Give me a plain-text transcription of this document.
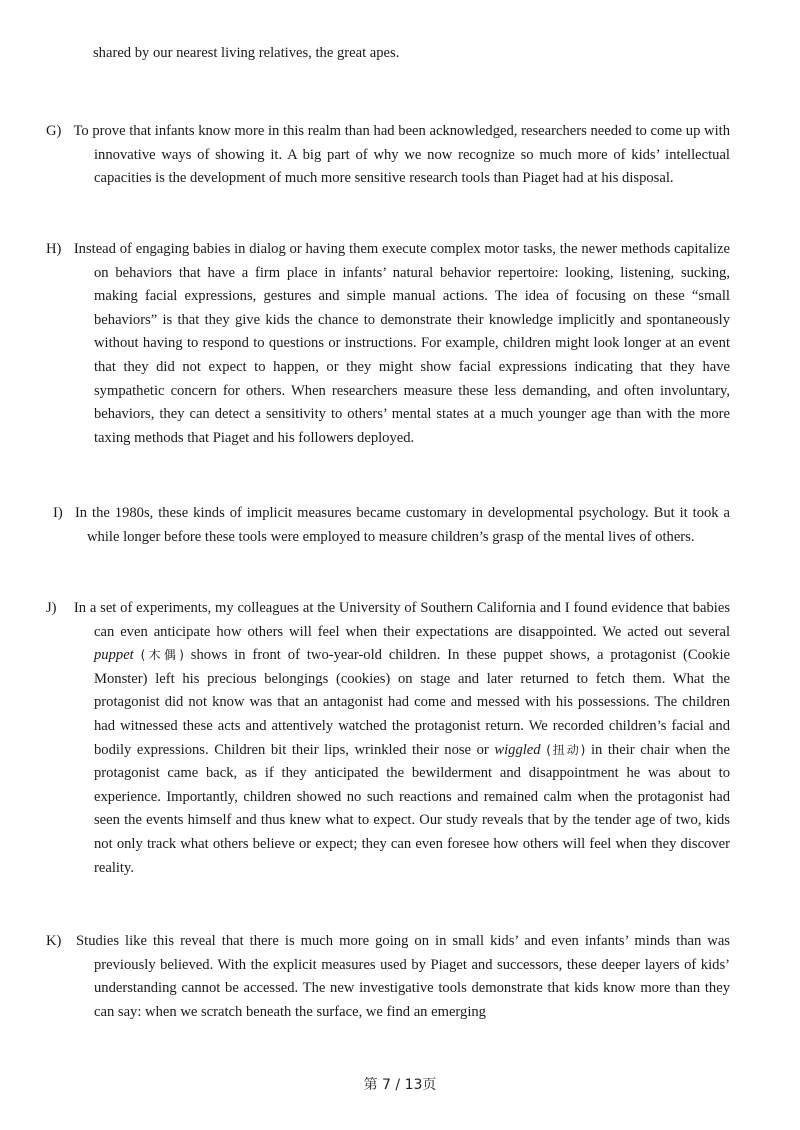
shared by our nearest living relatives, the great apes.
G) To prove that infants know more in this realm than had been acknowledged, researchers needed to come up with innovative ways of showing it. A big part of why we now recognize so much more of kids’ intellectual capacities is the development of much more sensitive research tools than Piaget had at his disposal.
H) Instead of engaging babies in dialog or having them execute complex motor tasks, the newer methods capitalize on behaviors that have a firm place in infants’ natural behavior repertoire: looking, listening, sucking, making facial expressions, gestures and simple manual actions. The idea of focusing on these “small behaviors” is that they give kids the chance to demonstrate their knowledge implicitly and spontaneously without having to respond to questions or instructions. For example, children might look longer at an event that they did not expect to happen, or they might show facial expressions indicating that they have sympathetic concern for others. When researchers measure these less demanding, and often involuntary, behaviors, they can detect a sensitivity to others’ mental states at a much younger age than with the more taxing methods that Piaget and his followers deployed.
I) In the 1980s, these kinds of implicit measures became customary in developmental psychology. But it took a while longer before these tools were employed to measure children’s grasp of the mental lives of others.
J) In a set of experiments, my colleagues at the University of Southern California and I found evidence that babies can even anticipate how others will feel when their expectations are disappointed. We acted out several puppet (木偶) shows in front of two-year-old children. In these puppet shows, a protagonist (Cookie Monster) left his precious belongings (cookies) on stage and later returned to fetch them. What the protagonist did not know was that an antagonist had come and messed with his possessions. The children had witnessed these acts and attentively watched the protagonist return. We recorded children’s facial and bodily expressions. Children bit their lips, wrinkled their nose or wiggled (扭动) in their chair when the protagonist came back, as if they anticipated the bewilderment and disappointment he was about to experience. Importantly, children showed no such reactions and remained calm when the protagonist had seen the events himself and thus knew what to expect. Our study reveals that by the tender age of two, kids not only track what others believe or expect; they can even foresee how others will feel when they discover reality.
K) Studies like this reveal that there is much more going on in small kids’ and even infants’ minds than was previously believed. With the explicit measures used by Piaget and successors, these deeper layers of kids’ understanding cannot be accessed. The new investigative tools demonstrate that kids know more than they can say: when we scratch beneath the surface, we find an emerging
第 7 / 13页
